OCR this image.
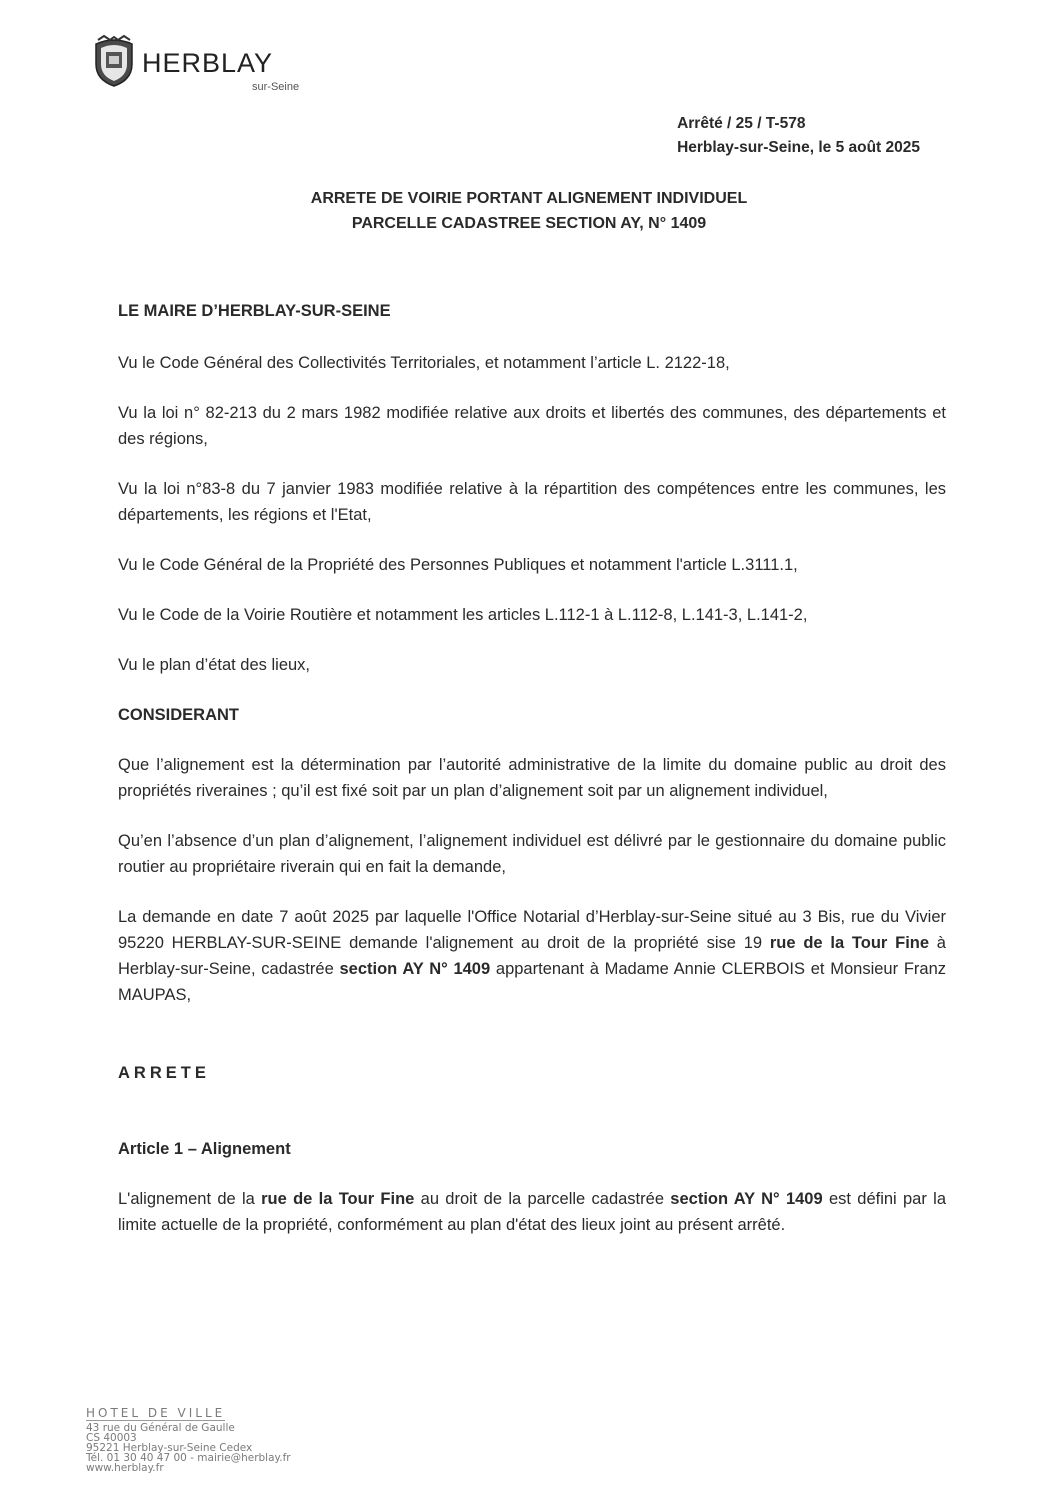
HERBLAY
sur-Seine
Arrêté / 25 / T-578
Herblay-sur-Seine, le 5 août 2025
ARRETE DE VOIRIE PORTANT ALIGNEMENT INDIVIDUEL
PARCELLE CADASTREE SECTION AY, N° 1409

LE MAIRE D’HERBLAY-SUR-SEINE

Vu le Code Général des Collectivités Territoriales, et notamment l’article L. 2122-18,

Vu la loi n° 82-213 du 2 mars 1982 modifiée relative aux droits et libertés des communes, des départements et des régions,

Vu la loi n°83-8 du 7 janvier 1983 modifiée relative à la répartition des compétences entre les communes, les départements, les régions et l'Etat,

Vu le Code Général de la Propriété des Personnes Publiques et notamment l'article L.3111.1,

Vu le Code de la Voirie Routière et notamment les articles L.112-1 à L.112-8, L.141-3, L.141-2,

Vu le plan d’état des lieux,

CONSIDERANT

Que l’alignement est la détermination par l’autorité administrative de la limite du domaine public au droit des propriétés riveraines ; qu’il est fixé soit par un plan d’alignement soit par un alignement individuel,

Qu’en l’absence d’un plan d’alignement, l’alignement individuel est délivré par le gestionnaire du domaine public routier au propriétaire riverain qui en fait la demande,

La demande en date 7 août 2025 par laquelle l'Office Notarial d’Herblay-sur-Seine situé au 3 Bis, rue du Vivier 95220 HERBLAY-SUR-SEINE demande l'alignement au droit de la propriété sise 19 rue de la Tour Fine à Herblay-sur-Seine, cadastrée section AY N° 1409 appartenant à Madame Annie CLERBOIS et Monsieur Franz MAUPAS,

ARRETE

Article 1 – Alignement

L'alignement de la rue de la Tour Fine au droit de la parcelle cadastrée section AY N° 1409 est défini par la limite actuelle de la propriété, conformément au plan d'état des lieux joint au présent arrêté.

HOTEL DE VILLE
43 rue du Général de Gaulle
CS 40003
95221 Herblay-sur-Seine Cedex
Tél. 01 30 40 47 00 - mairie@herblay.fr
www.herblay.fr
